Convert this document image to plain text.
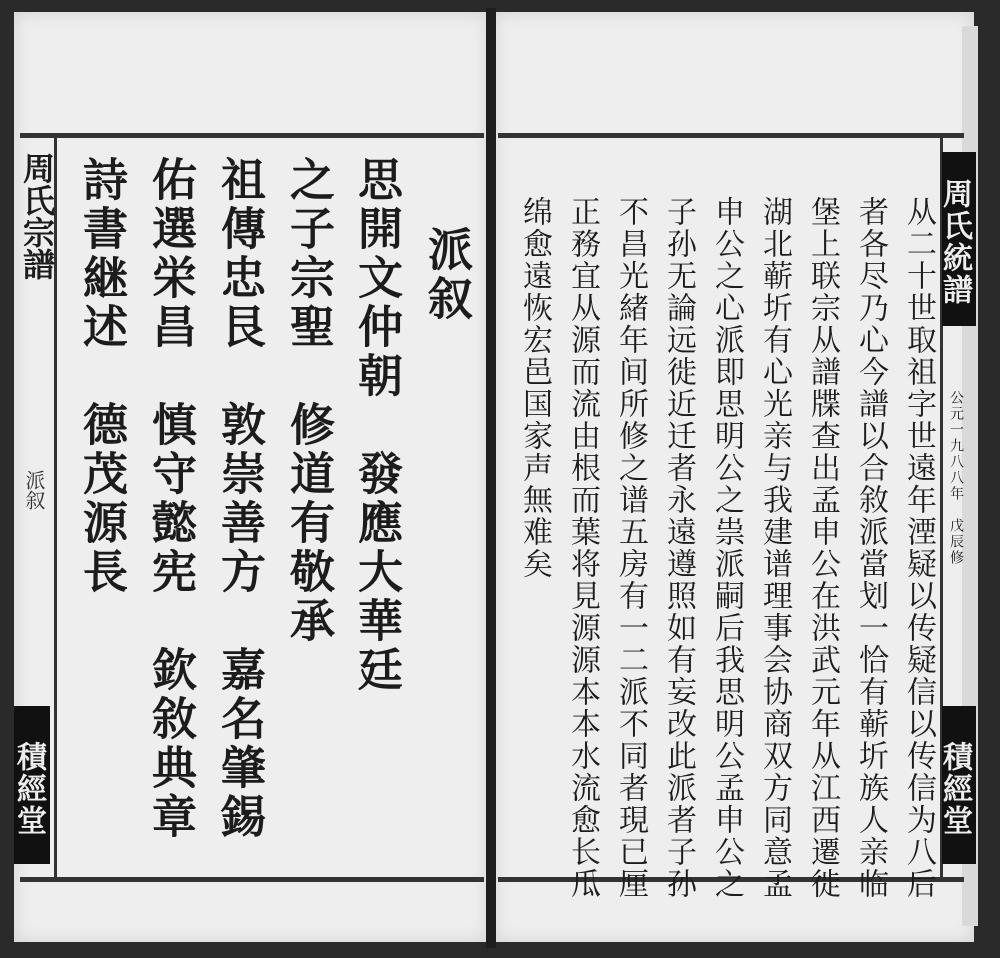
周氏宗譜
派叙
積經堂
派叙
思開文仲朝　發應大華廷
之子宗聖　修道有敬承
祖傳忠艮　敦崇善方　嘉名肇錫
佑選栄昌　慎守懿宪　欽敘典章
詩書継述　德茂源長	周氏統譜
公元一九八八年　戊辰修
積經堂
从二十世取祖字世遠年湮疑以传疑信以传信为八后
者各尽乃心今譜以合敘派當划一恰有蕲圻族人亲临
堡上联宗从譜牒查出孟申公在洪武元年从江西遷徙
湖北蕲圻有心光亲与我建谱理事会协商双方同意孟
申公之心派即思明公之祟派嗣后我思明公孟申公之
子孙无論远徙近迁者永遠遵照如有妄改此派者子孙
不昌光緒年间所修之谱五房有一二派不同者現已厘
正務宜从源而流由根而葉将見源源本本水流愈长瓜
绵愈遠恢宏邑国家声無难矣
